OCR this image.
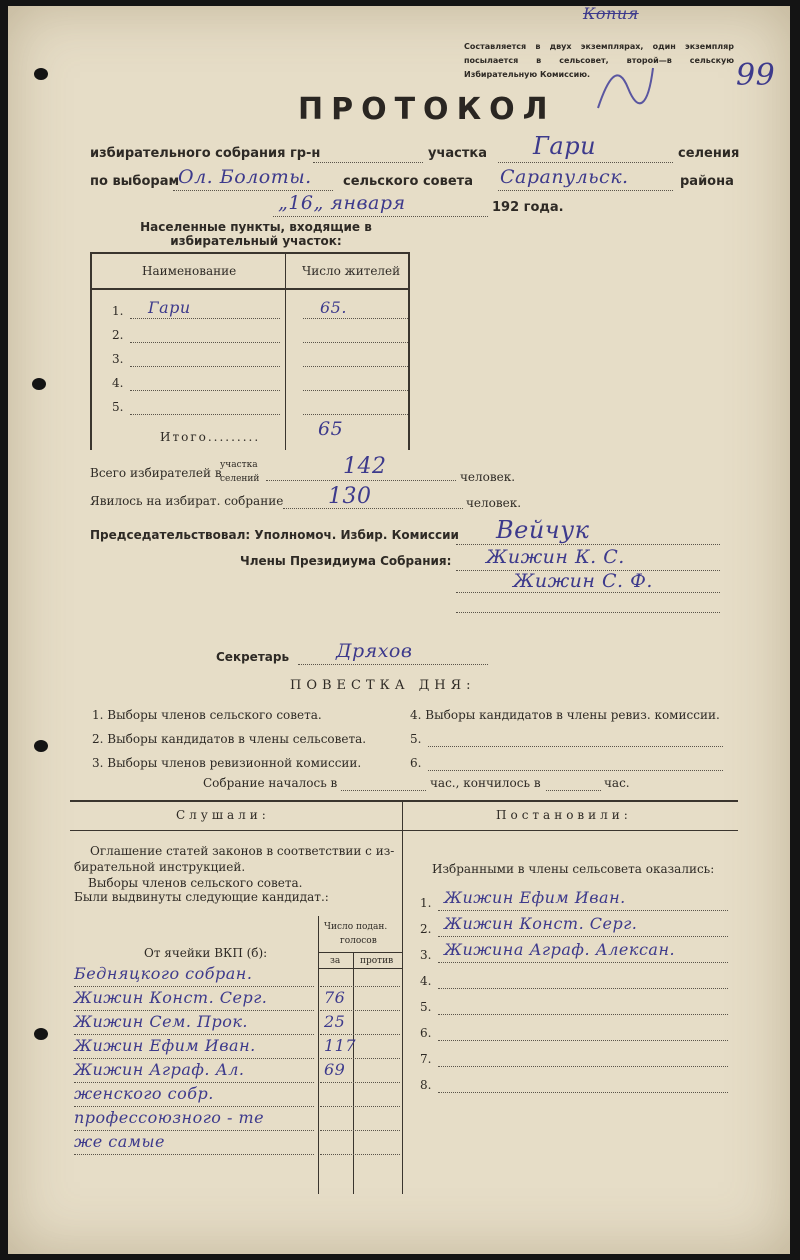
Копия
99
Составляется в двух экземплярах, один экземпляр посылается в сельсовет, второй—в сельскую Избирательную Комиссию.
ПРОТОКОЛ
избирательного собрания гр-н	участка Гари	селения
по выборам
Ол. Болоты. сельского совета Сарапульск.	района
„16„ января	192 года.
Населенные пункты, входящие в избирательный участок:
Наименование	Число жителей
Итого.........	65
Всего избирателей в
участка
селений	142	человек.
Явилось на избират. собрание 130	человек.
Председательствовал: Уполномоч. Избир. Комиссии Вейчук
Члены Президиума Собрания: Жижин К. С.
Жижин С. Ф.
Секретарь Дряхов
ПОВЕСТКА ДНЯ:
Собрание началось в	час., кончилось в	час.
Слушали:	Постановили:
Оглашение статей законов в соответствии с из-
бирательной инструкцией.
Выборы членов сельского совета.
Были выдвинуты следующие кандидат.:
Число подан.
голосов
за против
От ячейки ВКП (б):
Избранными в члены сельсовета оказались:
1. Гари	65.
2.
3.
4.
5.
1. Выборы членов сельского совета.
2. Выборы кандидатов в члены сельсовета.
3. Выборы членов ревизионной комиссии.
4. Выборы кандидатов в члены ревиз. комиссии.
5.
6.
Бедняцкого собран.
Жижин Конст. Серг.	76
Жижин Сем. Прок.	25
Жижин Ефим Иван.	117
Жижин Аграф. Ал.	69
женского собр.
профессоюзного - те
же самые
1. Жижин Ефим Иван.
2. Жижин Конст. Серг.
3. Жижина Аграф. Алексан.
4.
5.
6.
7.
8.
